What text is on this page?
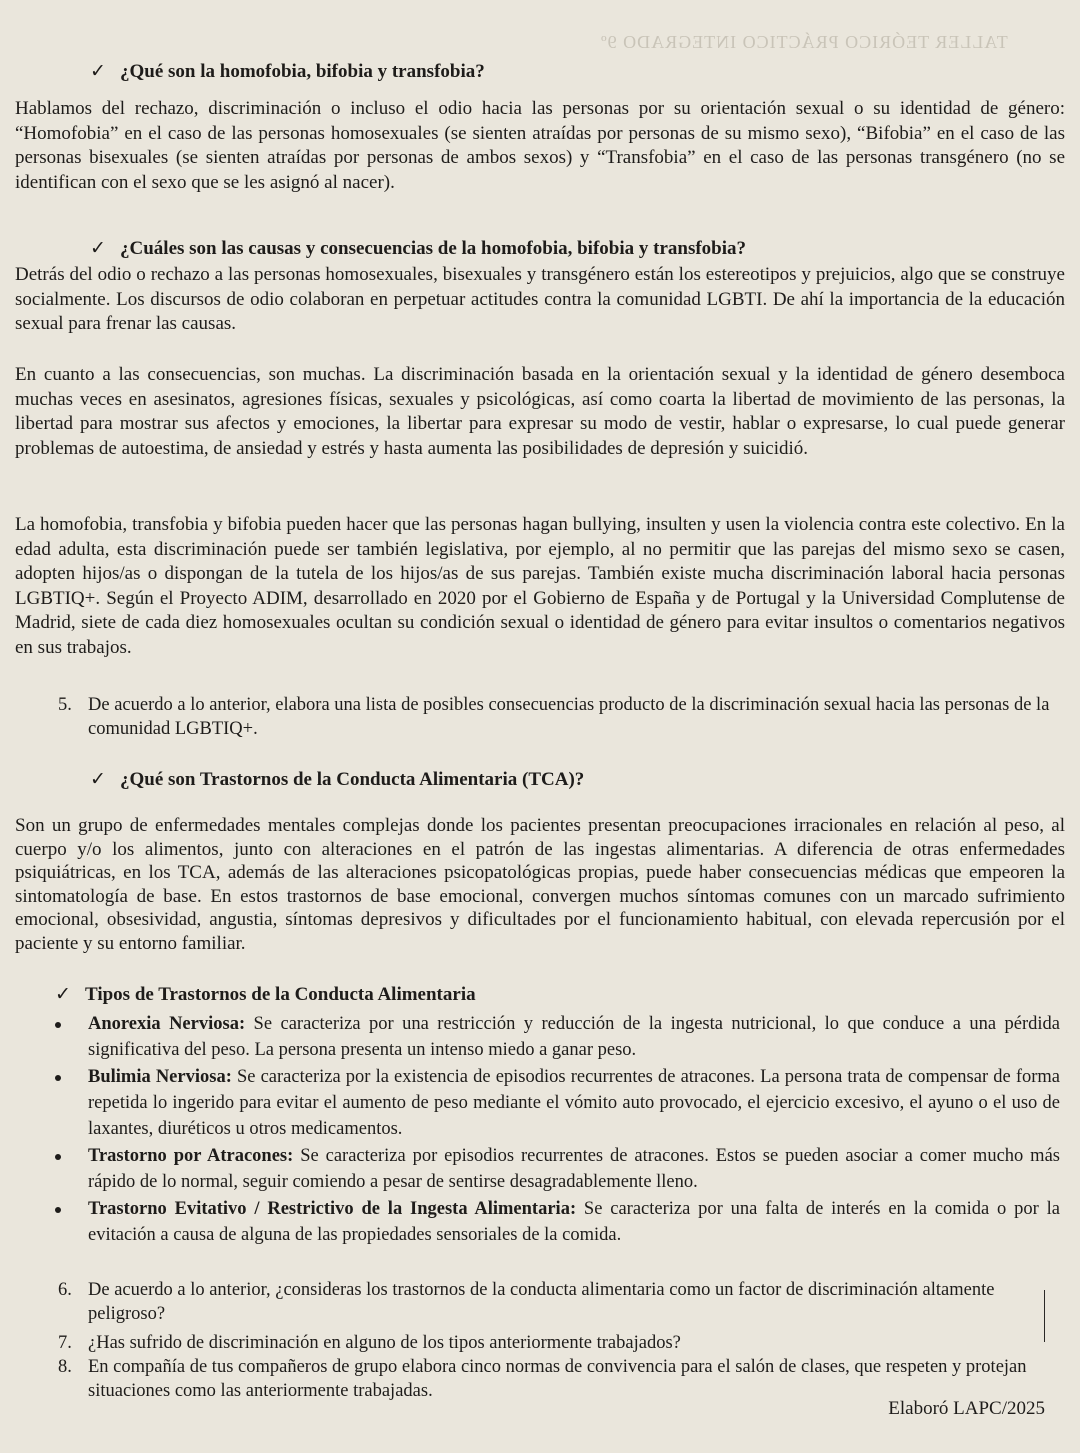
TALLER TEÓRICO PRÁCTICO INTEGRADO 9º
✓ ¿Qué son la homofobia, bifobia y transfobia?
Hablamos del rechazo, discriminación o incluso el odio hacia las personas por su orientación sexual o su identidad de género: “Homofobia” en el caso de las personas homosexuales (se sienten atraídas por personas de su mismo sexo), “Bifobia” en el caso de las personas bisexuales (se sienten atraídas por personas de ambos sexos) y “Transfobia” en el caso de las personas transgénero (no se identifican con el sexo que se les asignó al nacer).
✓ ¿Cuáles son las causas y consecuencias de la homofobia, bifobia y transfobia?
Detrás del odio o rechazo a las personas homosexuales, bisexuales y transgénero están los estereotipos y prejuicios, algo que se construye socialmente. Los discursos de odio colaboran en perpetuar actitudes contra la comunidad LGBTI. De ahí la importancia de la educación sexual para frenar las causas.
En cuanto a las consecuencias, son muchas. La discriminación basada en la orientación sexual y la identidad de género desemboca muchas veces en asesinatos, agresiones físicas, sexuales y psicológicas, así como coarta la libertad de movimiento de las personas, la libertad para mostrar sus afectos y emociones, la libertar para expresar su modo de vestir, hablar o expresarse, lo cual puede generar problemas de autoestima, de ansiedad y estrés y hasta aumenta las posibilidades de depresión y suicidió.
La homofobia, transfobia y bifobia pueden hacer que las personas hagan bullying, insulten y usen la violencia contra este colectivo. En la edad adulta, esta discriminación puede ser también legislativa, por ejemplo, al no permitir que las parejas del mismo sexo se casen, adopten hijos/as o dispongan de la tutela de los hijos/as de sus parejas. También existe mucha discriminación laboral hacia personas LGBTIQ+. Según el Proyecto ADIM, desarrollado en 2020 por el Gobierno de España y de Portugal y la Universidad Complutense de Madrid, siete de cada diez homosexuales ocultan su condición sexual o identidad de género para evitar insultos o comentarios negativos en sus trabajos.
5. De acuerdo a lo anterior, elabora una lista de posibles consecuencias producto de la discriminación sexual hacia las personas de la comunidad LGBTIQ+.
✓ ¿Qué son Trastornos de la Conducta Alimentaria (TCA)?
Son un grupo de enfermedades mentales complejas donde los pacientes presentan preocupaciones irracionales en relación al peso, al cuerpo y/o los alimentos, junto con alteraciones en el patrón de las ingestas alimentarias. A diferencia de otras enfermedades psiquiátricas, en los TCA, además de las alteraciones psicopatológicas propias, puede haber consecuencias médicas que empeoren la sintomatología de base. En estos trastornos de base emocional, convergen muchos síntomas comunes con un marcado sufrimiento emocional, obsesividad, angustia, síntomas depresivos y dificultades por el funcionamiento habitual, con elevada repercusión por el paciente y su entorno familiar.
✓ Tipos de Trastornos de la Conducta Alimentaria
Anorexia Nerviosa: Se caracteriza por una restricción y reducción de la ingesta nutricional, lo que conduce a una pérdida significativa del peso. La persona presenta un intenso miedo a ganar peso.
Bulimia Nerviosa: Se caracteriza por la existencia de episodios recurrentes de atracones. La persona trata de compensar de forma repetida lo ingerido para evitar el aumento de peso mediante el vómito auto provocado, el ejercicio excesivo, el ayuno o el uso de laxantes, diuréticos u otros medicamentos.
Trastorno por Atracones: Se caracteriza por episodios recurrentes de atracones. Estos se pueden asociar a comer mucho más rápido de lo normal, seguir comiendo a pesar de sentirse desagradablemente lleno.
Trastorno Evitativo / Restrictivo de la Ingesta Alimentaria: Se caracteriza por una falta de interés en la comida o por la evitación a causa de alguna de las propiedades sensoriales de la comida.
6. De acuerdo a lo anterior, ¿consideras los trastornos de la conducta alimentaria como un factor de discriminación altamente peligroso?
7. ¿Has sufrido de discriminación en alguno de los tipos anteriormente trabajados?
8. En compañía de tus compañeros de grupo elabora cinco normas de convivencia para el salón de clases, que respeten y protejan situaciones como las anteriormente trabajadas.
Elaboró LAPC/2025
